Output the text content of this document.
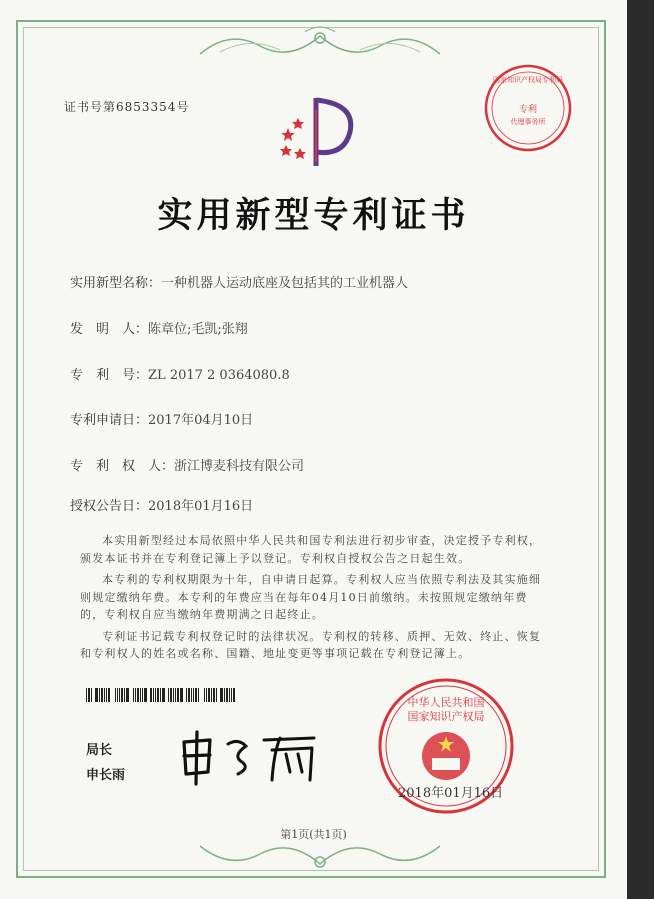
证书号第6853354号
国家知识产权局专利局
专利
代理事务所
实用新型专利证书
实用新型名称：一种机器人运动底座及包括其的工业机器人
发　明　人：陈章位;毛凯;张翔
专　利　号：ZL 2017 2 0364080.8
专利申请日：2017年04月10日
专　利　权　人：浙江博麦科技有限公司
授权公告日：2018年01月16日

本实用新型经过本局依照中华人民共和国专利法进行初步审查，决定授予专利权，颁发本证书并在专利登记簿上予以登记。专利权自授权公告之日起生效。

本专利的专利权期限为十年，自申请日起算。专利权人应当依照专利法及其实施细则规定缴纳年费。本专利的年费应当在每年04月10日前缴纳。未按照规定缴纳年费的，专利权自应当缴纳年费期满之日起终止。

专利证书记载专利权登记时的法律状况。专利权的转移、质押、无效、终止、恢复和专利权人的姓名或名称、国籍、地址变更等事项记载在专利登记簿上。

局长
申长雨
中华人民共和国
国家知识产权局
2018年01月16日
第1页(共1页)
